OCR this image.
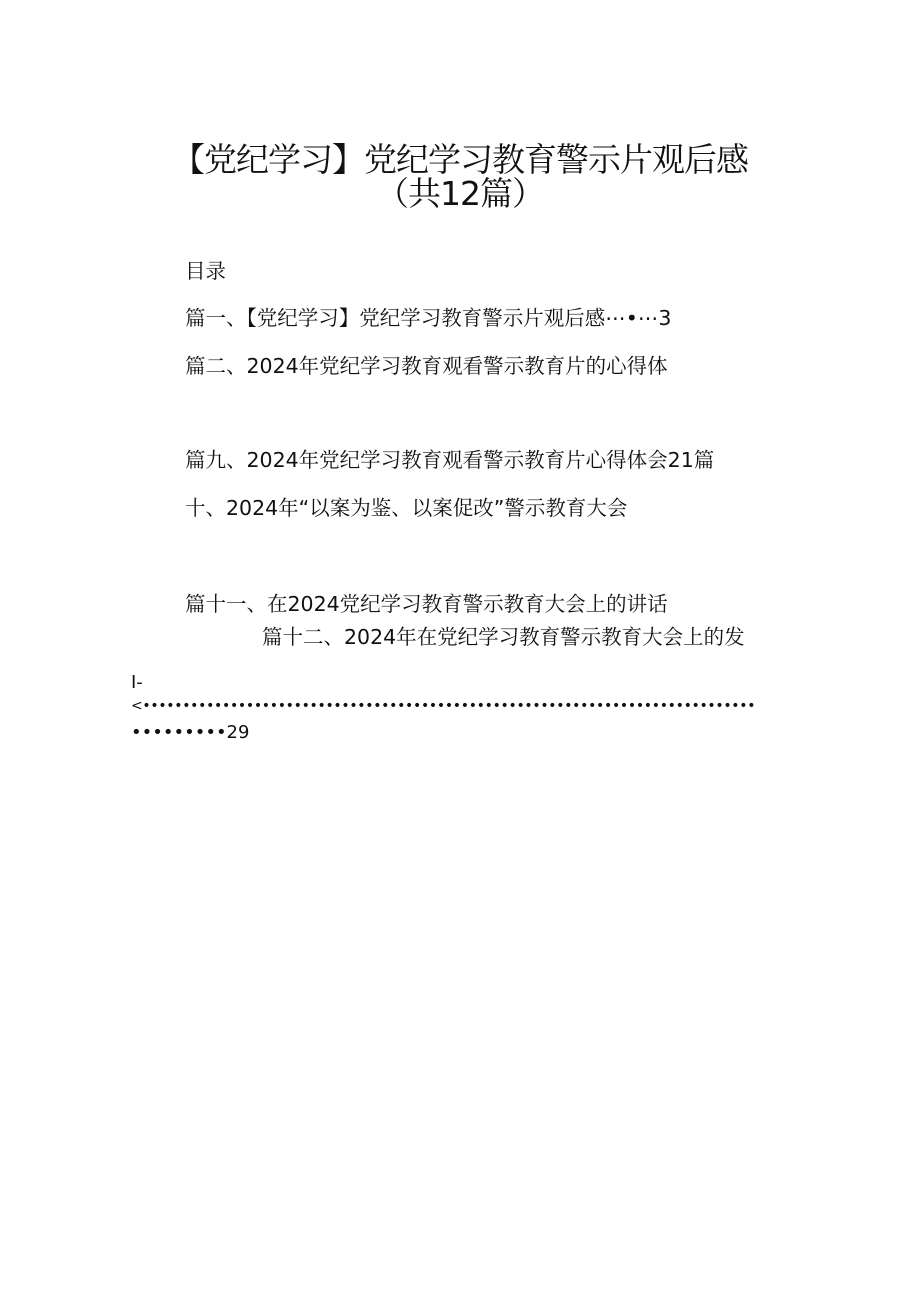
【党纪学习】党纪学习教育警示片观后感
（共12篇）
目录
篇一、【党纪学习】党纪学习教育警示片观后感⋯•⋯3
篇二、2024年党纪学习教育观看警示教育片的心得体
篇九、2024年党纪学习教育观看警示教育片心得体会21篇
十、2024年“以案为鉴、以案促改”警示教育大会
篇十一、在2024党纪学习教育警示教育大会上的讲话
篇十二、2024年在党纪学习教育警示教育大会上的发
I-
<•••••••••••••••••••••••••••••••••••••••••••••••••••••••••••••••••••••••••••••
•••••••••29
